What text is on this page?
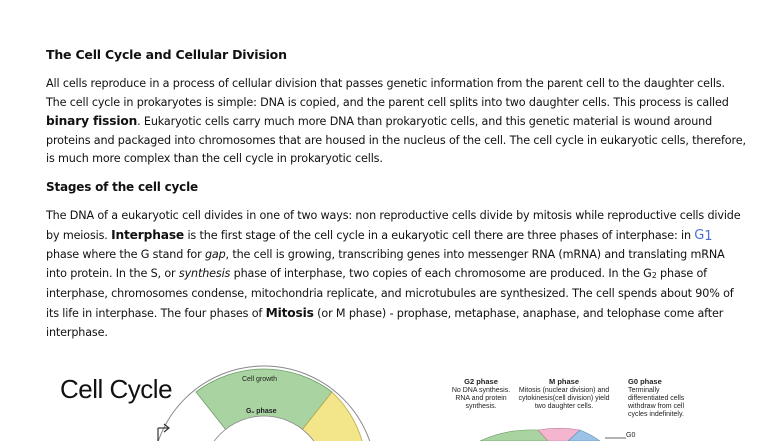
The Cell Cycle and Cellular Division

All cells reproduce in a process of cellular division that passes genetic information from the parent cell to the daughter cells. The cell cycle in prokaryotes is simple: DNA is copied, and the parent cell splits into two daughter cells. This process is called binary fission. Eukaryotic cells carry much more DNA than prokaryotic cells, and this genetic material is wound around proteins and packaged into chromosomes that are housed in the nucleus of the cell. The cell cycle in eukaryotic cells, therefore, is much more complex than the cell cycle in prokaryotic cells.

Stages of the cell cycle

The DNA of a eukaryotic cell divides in one of two ways: non reproductive cells divide by mitosis while reproductive cells divide by meiosis. Interphase is the first stage of the cell cycle in a eukaryotic cell there are three phases of interphase: in G1 phase where the G stand for gap, the cell is growing, transcribing genes into messenger RNA (mRNA) and translating mRNA into protein. In the S, or synthesis phase of interphase, two copies of each chromosome are produced. In the G2 phase of interphase, chromosomes condense, mitochondria replicate, and microtubules are synthesized. The cell spends about 90% of its life in interphase. The four phases of Mitosis (or M phase) - prophase, metaphase, anaphase, and telophase come after interphase.

Cell Cycle	Cell growth
G₁ phase
G2 phase
No DNA synthesis. RNA and protein synthesis.
M phase
Mitosis (nuclear division) and cytokinesis(cell division) yield two daughter cells.
G0 phase
Terminally differentiated cells withdraw from cell cycles indefinitely.
G0
